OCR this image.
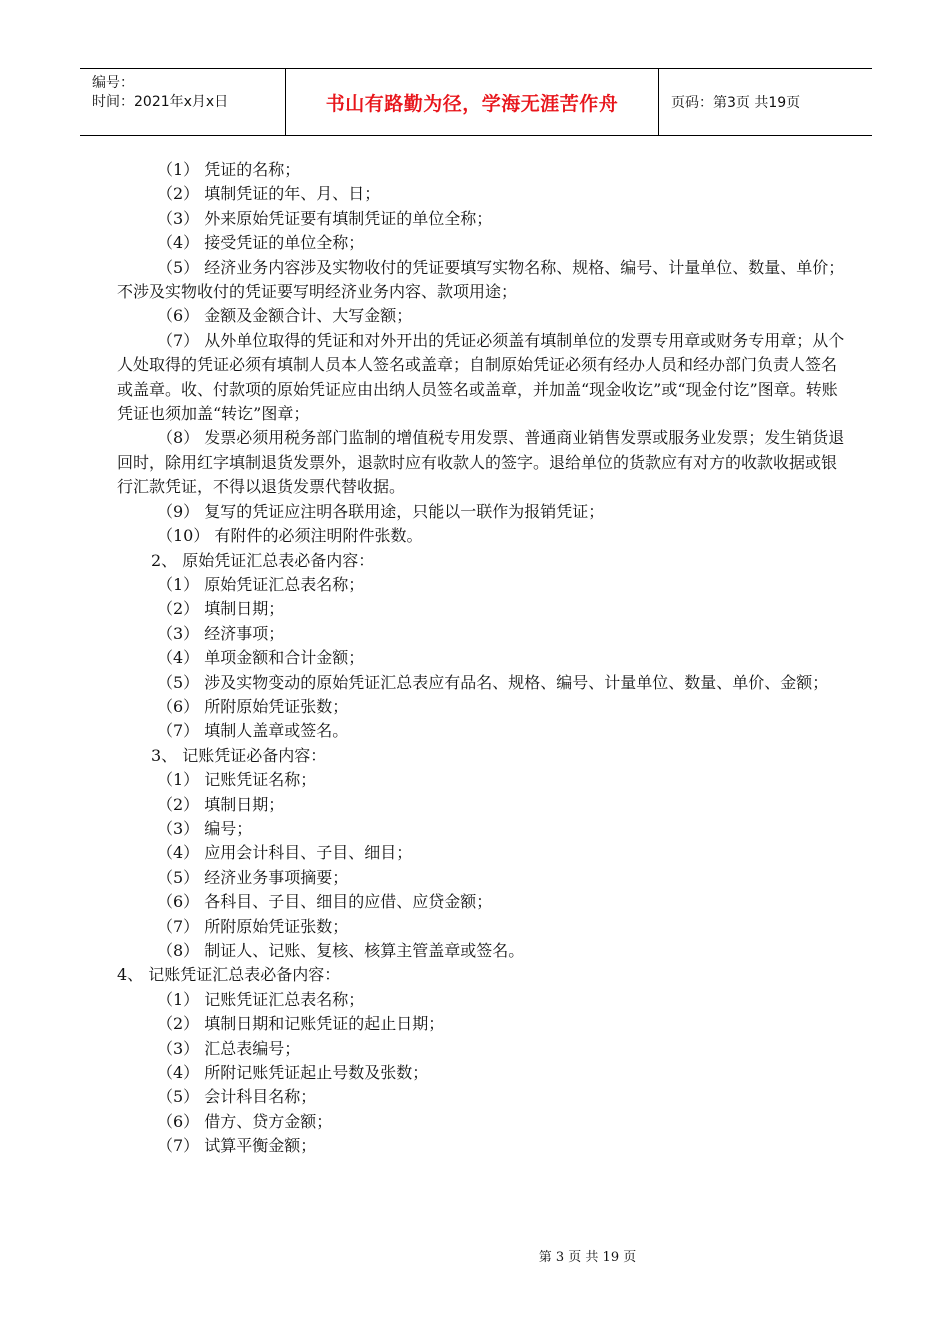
编号：
时间：2021年x月x日	书山有路勤为径，学海无涯苦作舟	页码：第3页 共19页

（1） 凭证的名称；

（2） 填制凭证的年、月、日；

（3） 外来原始凭证要有填制凭证的单位全称；

（4） 接受凭证的单位全称；

（5） 经济业务内容涉及实物收付的凭证要填写实物名称、规格、编号、计量单位、数量、单价；不涉及实物收付的凭证要写明经济业务内容、款项用途；

（6） 金额及金额合计、大写金额；

（7） 从外单位取得的凭证和对外开出的凭证必须盖有填制单位的发票专用章或财务专用章；从个人处取得的凭证必须有填制人员本人签名或盖章；自制原始凭证必须有经办人员和经办部门负责人签名或盖章。收、付款项的原始凭证应由出纳人员签名或盖章，并加盖“现金收讫”或“现金付讫”图章。转账凭证也须加盖“转讫”图章；

（8） 发票必须用税务部门监制的增值税专用发票、普通商业销售发票或服务业发票；发生销货退回时，除用红字填制退货发票外，退款时应有收款人的签字。退给单位的货款应有对方的收款收据或银行汇款凭证，不得以退货发票代替收据。

（9） 复写的凭证应注明各联用途，只能以一联作为报销凭证；

（10） 有附件的必须注明附件张数。

2、 原始凭证汇总表必备内容：

（1） 原始凭证汇总表名称；

（2） 填制日期；

（3） 经济事项；

（4） 单项金额和合计金额；

（5） 涉及实物变动的原始凭证汇总表应有品名、规格、编号、计量单位、数量、单价、金额；

（6） 所附原始凭证张数；

（7） 填制人盖章或签名。

3、 记账凭证必备内容：

（1） 记账凭证名称；

（2） 填制日期；

（3） 编号；

（4） 应用会计科目、子目、细目；

（5） 经济业务事项摘要；

（6） 各科目、子目、细目的应借、应贷金额；

（7） 所附原始凭证张数；

（8） 制证人、记账、复核、核算主管盖章或签名。

4、 记账凭证汇总表必备内容：

（1） 记账凭证汇总表名称；

（2） 填制日期和记账凭证的起止日期；

（3） 汇总表编号；

（4） 所附记账凭证起止号数及张数；

（5） 会计科目名称；

（6） 借方、贷方金额；

（7） 试算平衡金额；

第 3 页 共 19 页
